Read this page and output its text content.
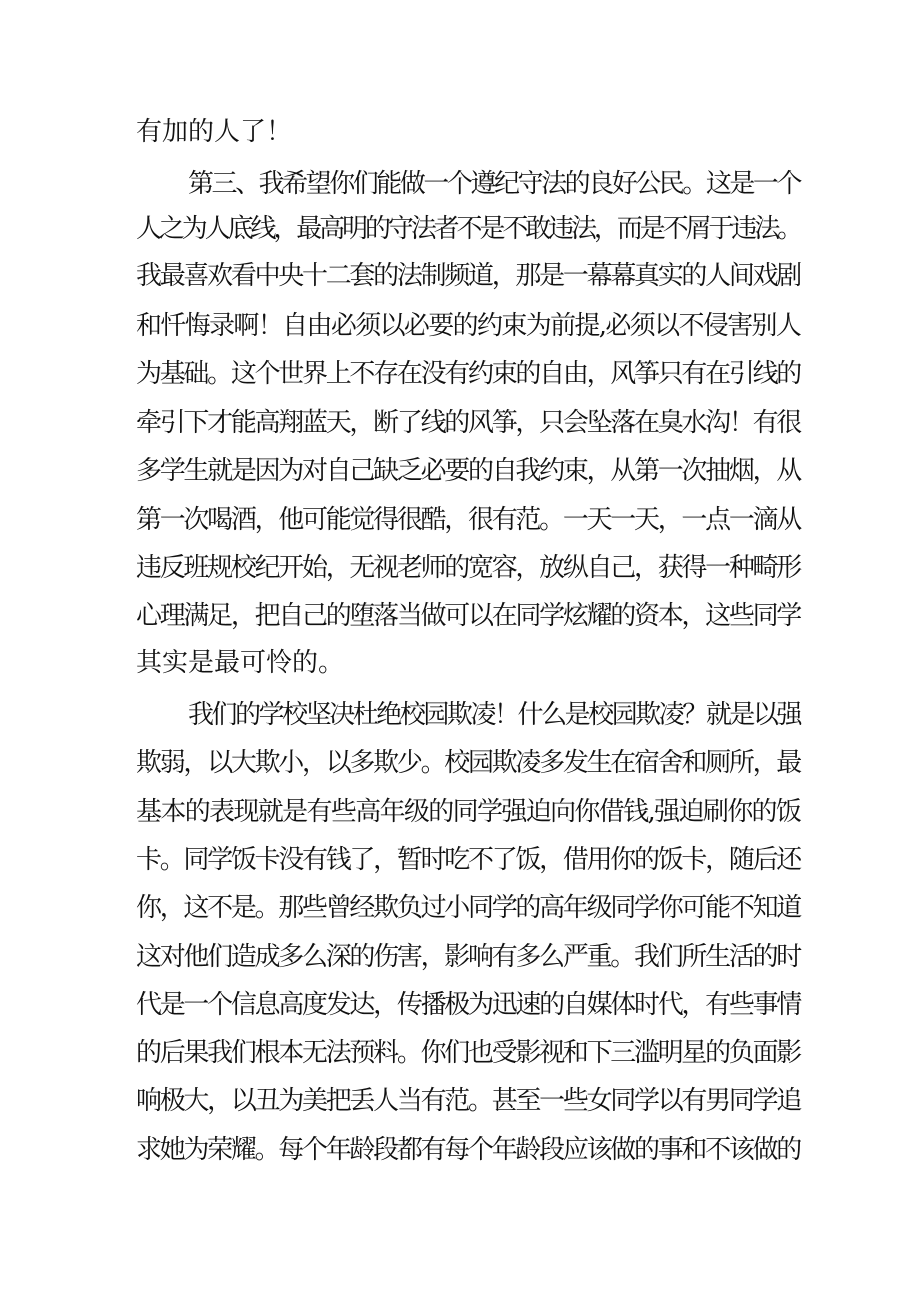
有加的人了！
第三、我希望你们能做一个遵纪守法的良好公民。这是一个
人之为人底线，最高明的守法者不是不敢违法，而是不屑于违法。
我最喜欢看中央十二套的法制频道，那是一幕幕真实的人间戏剧
和忏悔录啊！自由必须以必要的约束为前提,必须以不侵害别人
为基础。这个世界上不存在没有约束的自由，风筝只有在引线的
牵引下才能高翔蓝天，断了线的风筝，只会坠落在臭水沟！有很
多学生就是因为对自己缺乏必要的自我约束，从第一次抽烟，从
第一次喝酒，他可能觉得很酷，很有范。一天一天，一点一滴从
违反班规校纪开始，无视老师的宽容，放纵自己，获得一种畸形
心理满足，把自己的堕落当做可以在同学炫耀的资本，这些同学
其实是最可怜的。
我们的学校坚决杜绝校园欺凌！什么是校园欺凌？就是以强
欺弱，以大欺小，以多欺少。校园欺凌多发生在宿舍和厕所，最
基本的表现就是有些高年级的同学强迫向你借钱,强迫刷你的饭
卡。同学饭卡没有钱了，暂时吃不了饭，借用你的饭卡，随后还
你，这不是。那些曾经欺负过小同学的高年级同学你可能不知道
这对他们造成多么深的伤害，影响有多么严重。我们所生活的时
代是一个信息高度发达，传播极为迅速的自媒体时代，有些事情
的后果我们根本无法预料。你们也受影视和下三滥明星的负面影
响极大，以丑为美把丢人当有范。甚至一些女同学以有男同学追
求她为荣耀。每个年龄段都有每个年龄段应该做的事和不该做的
